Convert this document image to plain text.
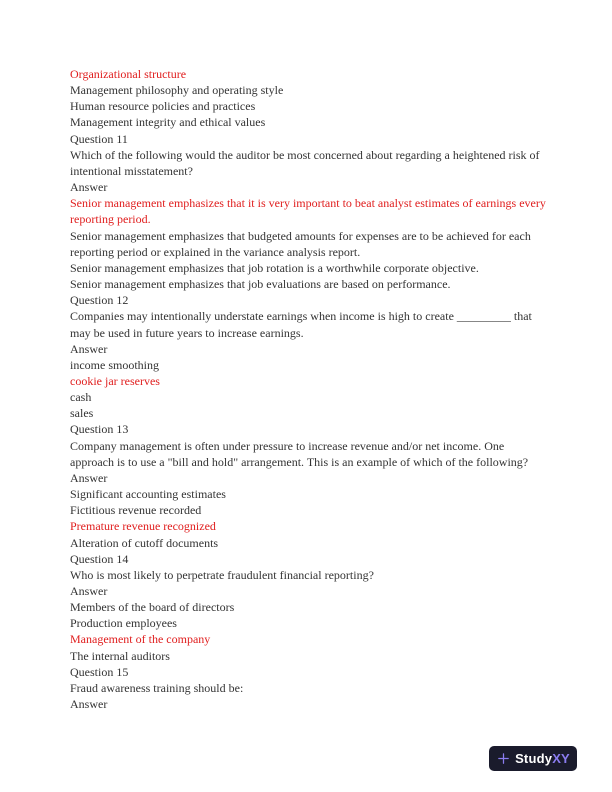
Organizational structure

Management philosophy and operating style

Human resource policies and practices

Management integrity and ethical values

Question 11

Which of the following would the auditor be most concerned about regarding a heightened risk of intentional misstatement?

Answer

Senior management emphasizes that it is very important to beat analyst estimates of earnings every reporting period.

Senior management emphasizes that budgeted amounts for expenses are to be achieved for each reporting period or explained in the variance analysis report.

Senior management emphasizes that job rotation is a worthwhile corporate objective.

Senior management emphasizes that job evaluations are based on performance.

Question 12

Companies may intentionally understate earnings when income is high to create _________ that may be used in future years to increase earnings.

Answer

income smoothing

cookie jar reserves

cash

sales

Question 13

Company management is often under pressure to increase revenue and/or net income. One approach is to use a "bill and hold" arrangement. This is an example of which of the following?

Answer

Significant accounting estimates

Fictitious revenue recorded

Premature revenue recognized

Alteration of cutoff documents

Question 14

Who is most likely to perpetrate fraudulent financial reporting?

Answer

Members of the board of directors

Production employees

Management of the company

The internal auditors

Question 15

Fraud awareness training should be:

Answer

StudyXY
